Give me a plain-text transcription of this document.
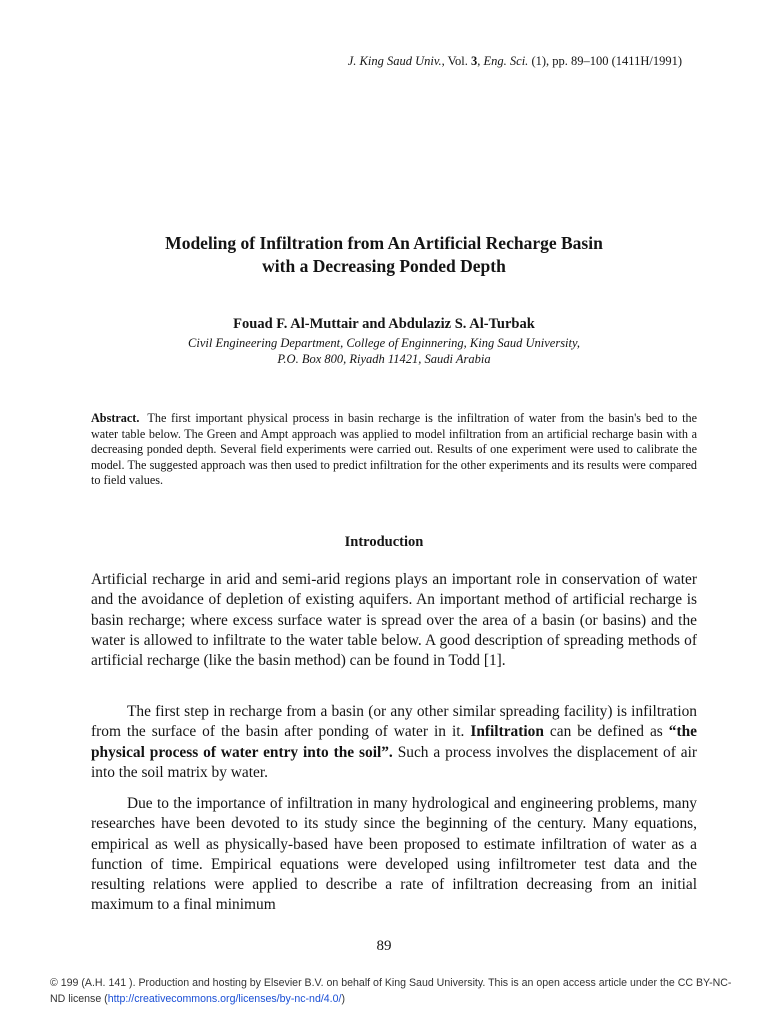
J. King Saud Univ., Vol. 3, Eng. Sci. (1), pp. 89–100 (1411H/1991)
Modeling of Infiltration from An Artificial Recharge Basin
with a Decreasing Ponded Depth
Fouad F. Al-Muttair and Abdulaziz S. Al-Turbak
Civil Engineering Department, College of Enginnering, King Saud University,
P.O. Box 800, Riyadh 11421, Saudi Arabia
Abstract. The first important physical process in basin recharge is the infiltration of water from the basin's bed to the water table below. The Green and Ampt approach was applied to model infiltration from an artificial recharge basin with a decreasing ponded depth. Several field experiments were carried out. Results of one experiment were used to calibrate the model. The suggested approach was then used to predict infiltration for the other experiments and its results were compared to field values.
Introduction
Artificial recharge in arid and semi-arid regions plays an important role in conservation of water and the avoidance of depletion of existing aquifers. An important method of artificial recharge is basin recharge; where excess surface water is spread over the area of a basin (or basins) and the water is allowed to infiltrate to the water table below. A good description of spreading methods of artificial recharge (like the basin method) can be found in Todd [1].
The first step in recharge from a basin (or any other similar spreading facility) is infiltration from the surface of the basin after ponding of water in it. Infiltration can be defined as “the physical process of water entry into the soil”. Such a process involves the displacement of air into the soil matrix by water.
Due to the importance of infiltration in many hydrological and engineering problems, many researches have been devoted to its study since the beginning of the century. Many equations, empirical as well as physically-based have been proposed to estimate infiltration of water as a function of time. Empirical equations were developed using infiltrometer test data and the resulting relations were applied to describe a rate of infiltration decreasing from an initial maximum to a final minimum
89
© 199 (A.H. 141 ). Production and hosting by Elsevier B.V. on behalf of King Saud University. This is an open access article under the CC BY-NC-ND license (http://creativecommons.org/licenses/by-nc-nd/4.0/)
